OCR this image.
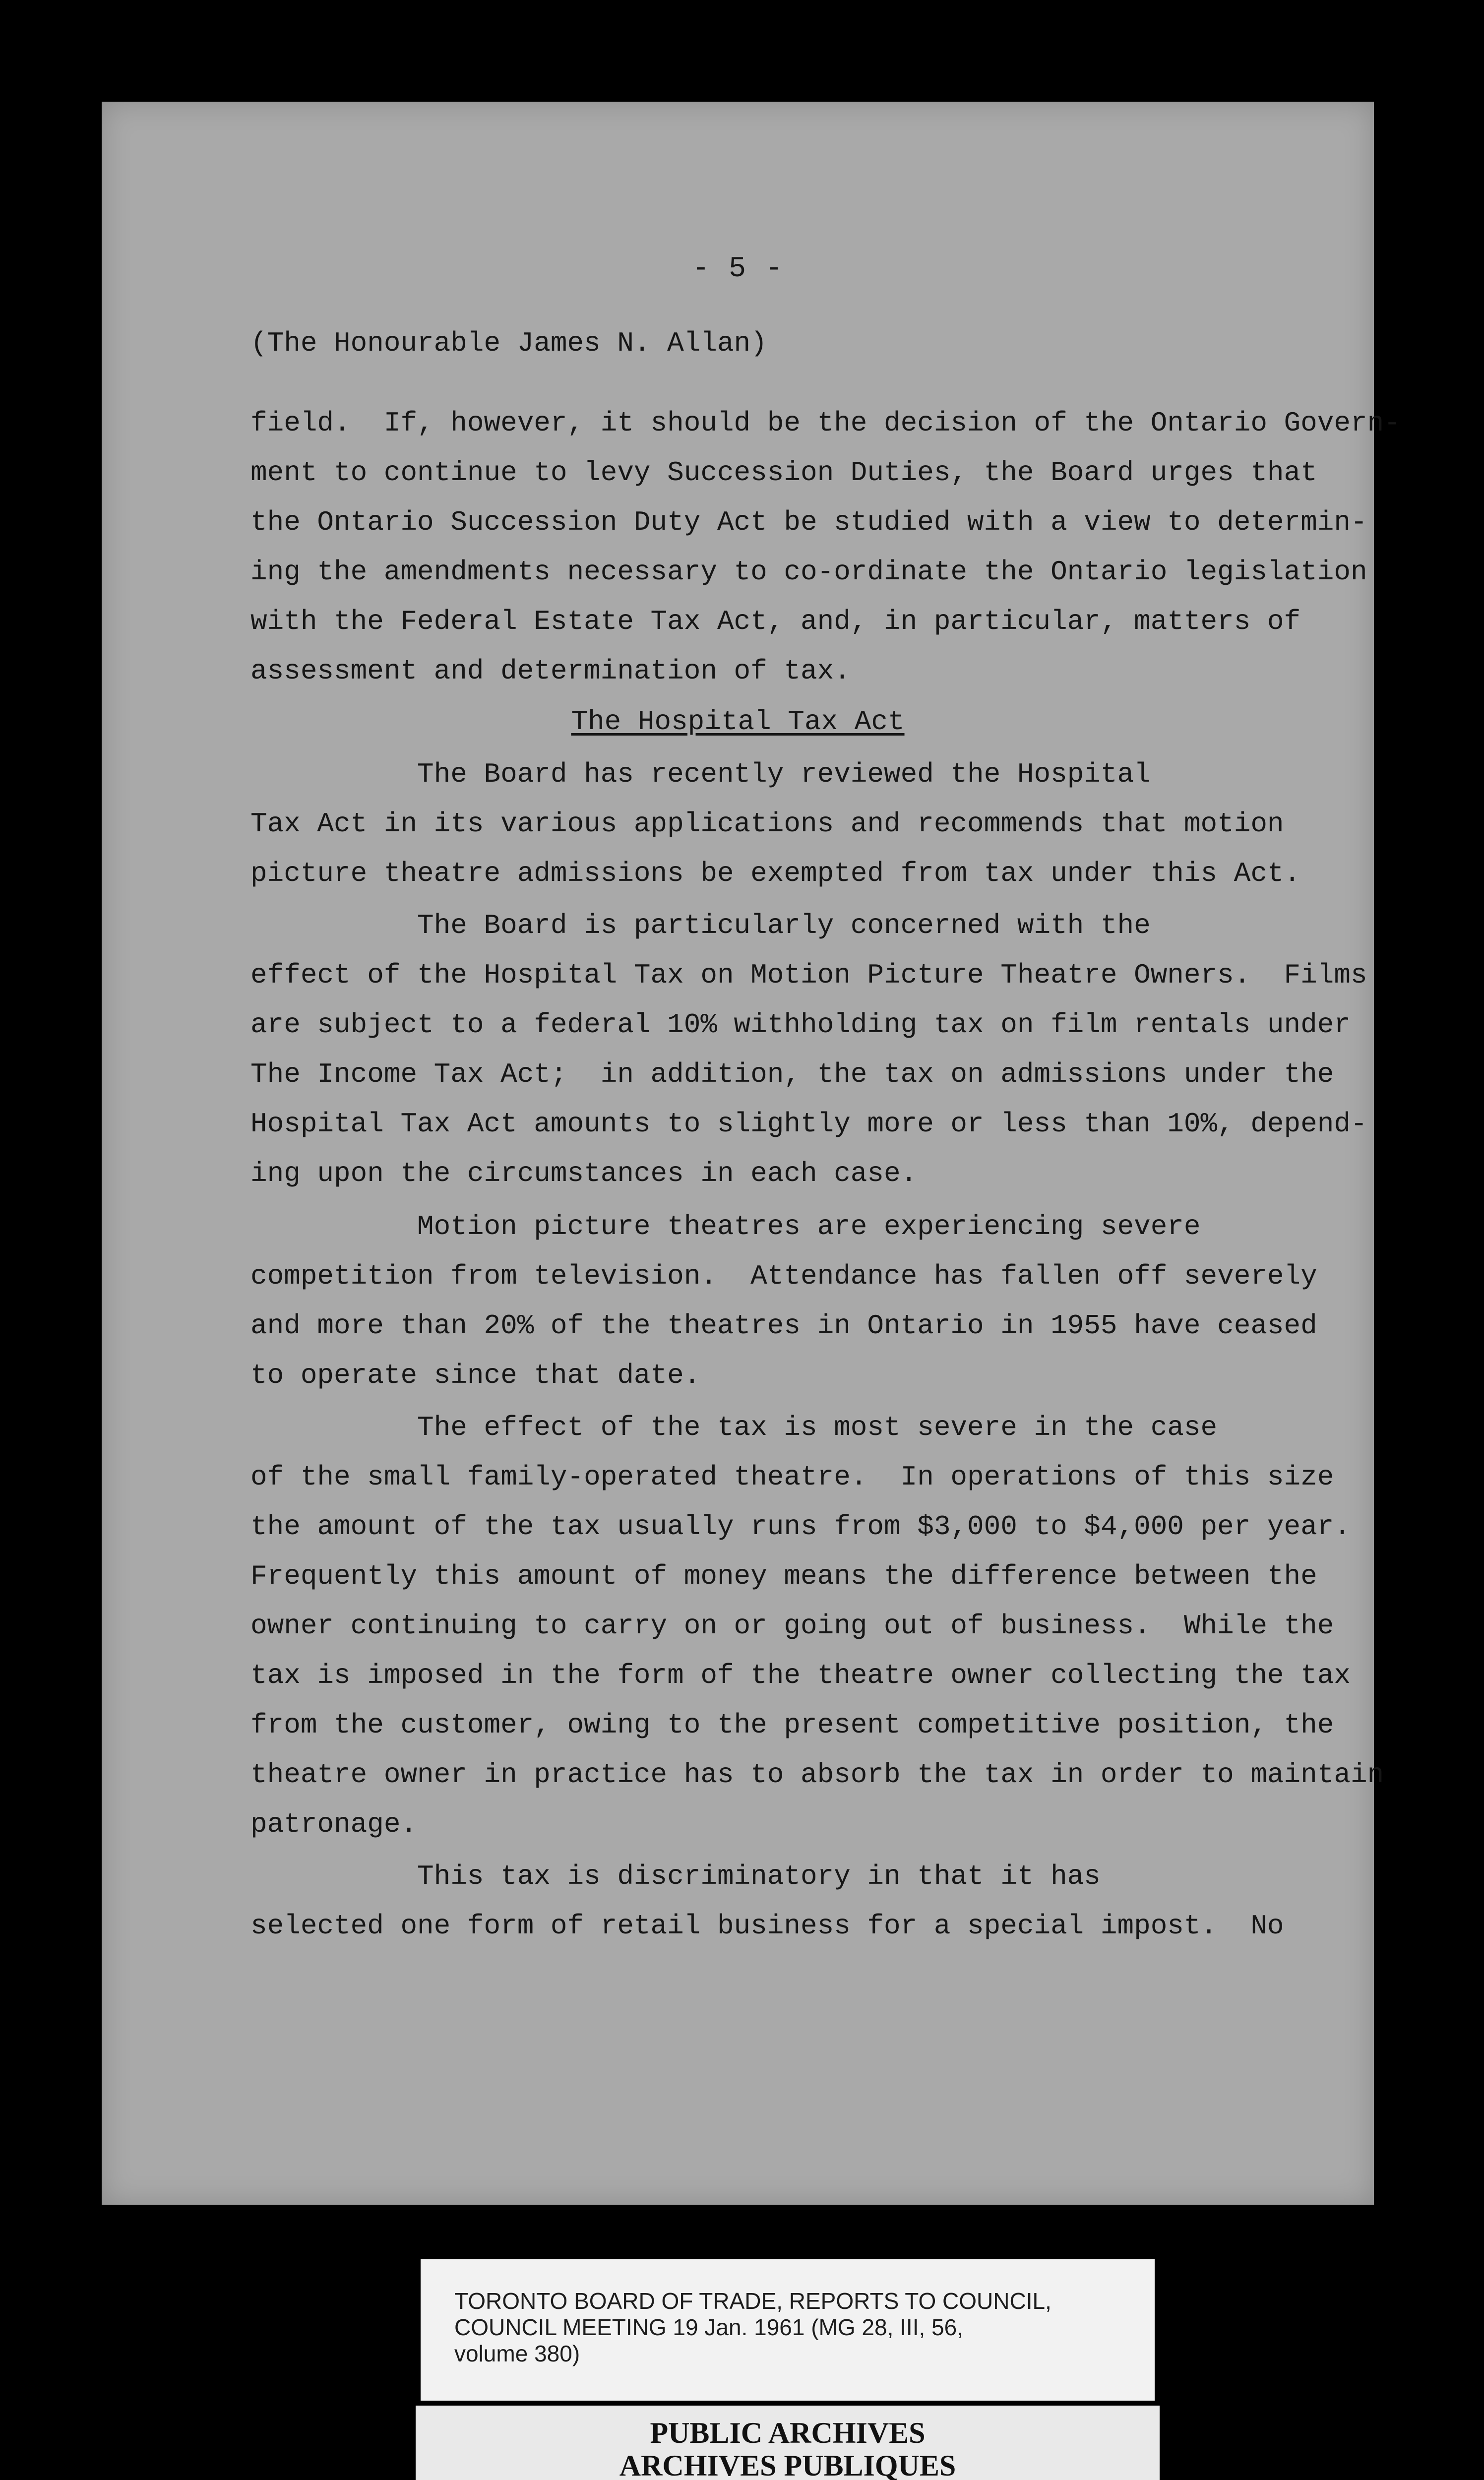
- 5 -
(The Honourable James N. Allan)
field.  If, however, it should be the decision of the Ontario Govern-
ment to continue to levy Succession Duties, the Board urges that
the Ontario Succession Duty Act be studied with a view to determin-
ing the amendments necessary to co-ordinate the Ontario legislation
with the Federal Estate Tax Act, and, in particular, matters of
assessment and determination of tax.
The Hospital Tax Act
The Board has recently reviewed the Hospital
Tax Act in its various applications and recommends that motion
picture theatre admissions be exempted from tax under this Act.
The Board is particularly concerned with the
effect of the Hospital Tax on Motion Picture Theatre Owners.  Films
are subject to a federal 10% withholding tax on film rentals under
The Income Tax Act;  in addition, the tax on admissions under the
Hospital Tax Act amounts to slightly more or less than 10%, depend-
ing upon the circumstances in each case.
Motion picture theatres are experiencing severe
competition from television.  Attendance has fallen off severely
and more than 20% of the theatres in Ontario in 1955 have ceased
to operate since that date.
The effect of the tax is most severe in the case
of the small family-operated theatre.  In operations of this size
the amount of the tax usually runs from $3,000 to $4,000 per year.
Frequently this amount of money means the difference between the
owner continuing to carry on or going out of business.  While the
tax is imposed in the form of the theatre owner collecting the tax
from the customer, owing to the present competitive position, the
theatre owner in practice has to absorb the tax in order to maintain
patronage.
This tax is discriminatory in that it has
selected one form of retail business for a special impost.  No
TORONTO BOARD OF TRADE, REPORTS TO COUNCIL,
COUNCIL MEETING 19 Jan. 1961 (MG 28, III, 56,
volume 380)
PUBLIC ARCHIVES
ARCHIVES PUBLIQUES
